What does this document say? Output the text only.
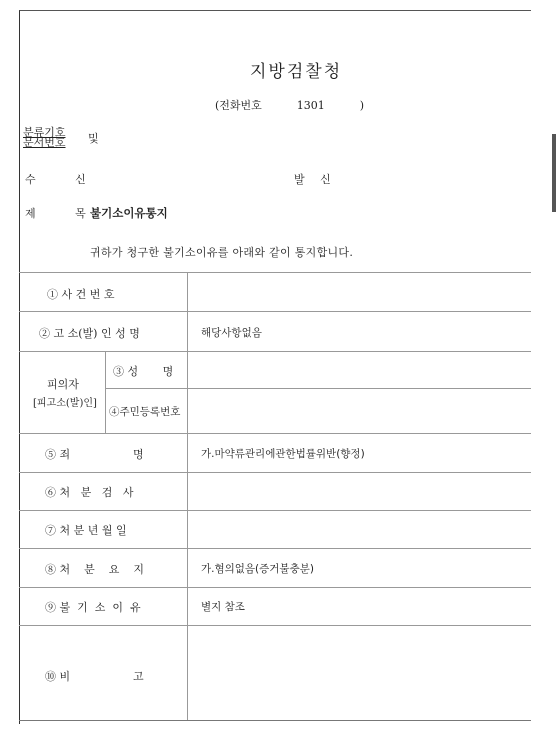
지방검찰청
(전화번호	1301	)
분류기호
문서번호	및
수 신	발 신
제 목
불기소이유통지
귀하가 청구한 불기소이유를 아래와 같이 통지합니다.
① 사 건 번 호
② 고 소(발) 인 성 명	해당사항없음
피의자
[피고소(발)인]
③ 성       명
④주민등록번호
⑤ 죄                  명	가.마약류관리에관한법률위반(향정)
⑥ 처   분   검   사
⑦ 처 분 년 월 일
⑧ 처    분    요    지	가.혐의없음(증거불충분)
⑨ 불  기  소  이  유	별지 참조
⑩ 비                  고
